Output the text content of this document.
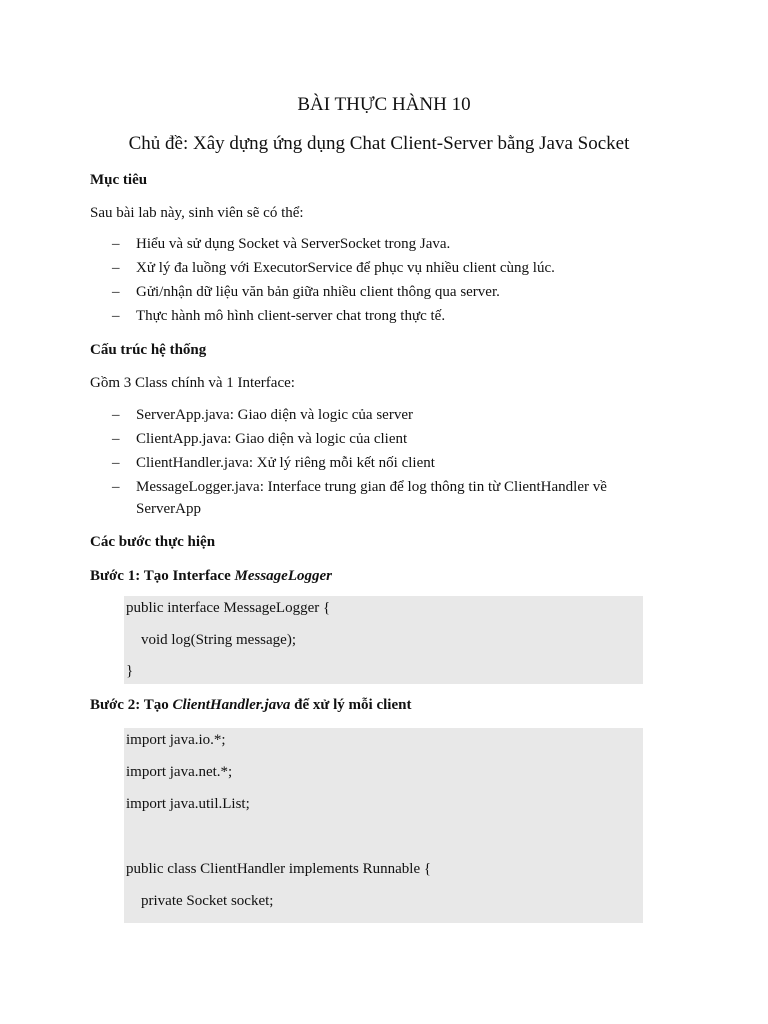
BÀI THỰC HÀNH 10
Chủ đề: Xây dựng ứng dụng Chat Client-Server bằng Java Socket
Mục tiêu
Sau bài lab này, sinh viên sẽ có thể:
– Hiểu và sử dụng Socket và ServerSocket trong Java.
– Xử lý đa luồng với ExecutorService để phục vụ nhiều client cùng lúc.
– Gửi/nhận dữ liệu văn bản giữa nhiều client thông qua server.
– Thực hành mô hình client-server chat trong thực tế.
Cấu trúc hệ thống
Gồm 3 Class chính và 1 Interface:
– ServerApp.java: Giao diện và logic của server
– ClientApp.java: Giao diện và logic của client
– ClientHandler.java: Xử lý riêng mỗi kết nối client
– MessageLogger.java: Interface trung gian để log thông tin từ ClientHandler về ServerApp
Các bước thực hiện
Bước 1: Tạo Interface MessageLogger
public interface MessageLogger {
void log(String message);
}
Bước 2: Tạo ClientHandler.java để xử lý mỗi client
import java.io.*;
import java.net.*;
import java.util.List;
public class ClientHandler implements Runnable {
private Socket socket;
